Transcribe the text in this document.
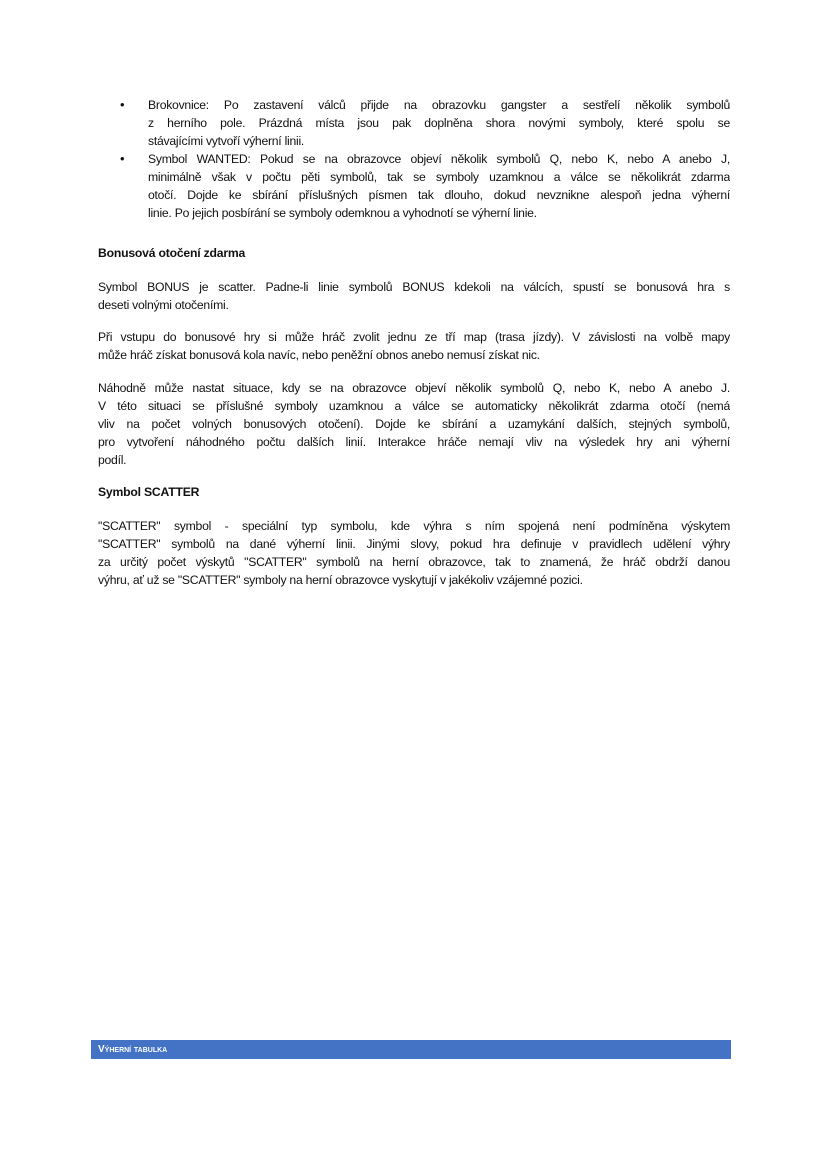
• Brokovnice: Po zastavení válců přijde na obrazovku gangster a sestřelí několik symbolů
z herního pole. Prázdná místa jsou pak doplněna shora novými symboly, které spolu se
stávajícími vytvoří výherní linii.
• Symbol WANTED: Pokud se na obrazovce objeví několik symbolů Q, nebo K, nebo A anebo J,
minimálně však v počtu pěti symbolů, tak se symboly uzamknou a válce se několikrát zdarma
otočí. Dojde ke sbírání příslušných písmen tak dlouho, dokud nevznikne alespoň jedna výherní
linie. Po jejich posbírání se symboly odemknou a vyhodnotí se výherní linie.
Bonusová otočení zdarma
Symbol BONUS je scatter. Padne-li linie symbolů BONUS kdekoli na válcích, spustí se bonusová hra s
deseti volnými otočeními.
Při vstupu do bonusové hry si může hráč zvolit jednu ze tří map (trasa jízdy). V závislosti na volbě mapy
může hráč získat bonusová kola navíc, nebo peněžní obnos anebo nemusí získat nic.
Náhodně může nastat situace, kdy se na obrazovce objeví několik symbolů Q, nebo K, nebo A anebo J.
V této situaci se příslušné symboly uzamknou a válce se automaticky několikrát zdarma otočí (nemá
vliv na počet volných bonusových otočení). Dojde ke sbírání a uzamykání dalších, stejných symbolů,
pro vytvoření náhodného počtu dalších linií. Interakce hráče nemají vliv na výsledek hry ani výherní
podíl.
Symbol SCATTER
"SCATTER" symbol - speciální typ symbolu, kde výhra s ním spojená není podmíněna výskytem
"SCATTER" symbolů na dané výherní linii. Jinými slovy, pokud hra definuje v pravidlech udělení výhry
za určitý počet výskytů "SCATTER" symbolů na herní obrazovce, tak to znamená, že hráč obdrží danou
výhru, ať už se "SCATTER" symboly na herní obrazovce vyskytují v jakékoliv vzájemné pozici.
Výherní tabulka
